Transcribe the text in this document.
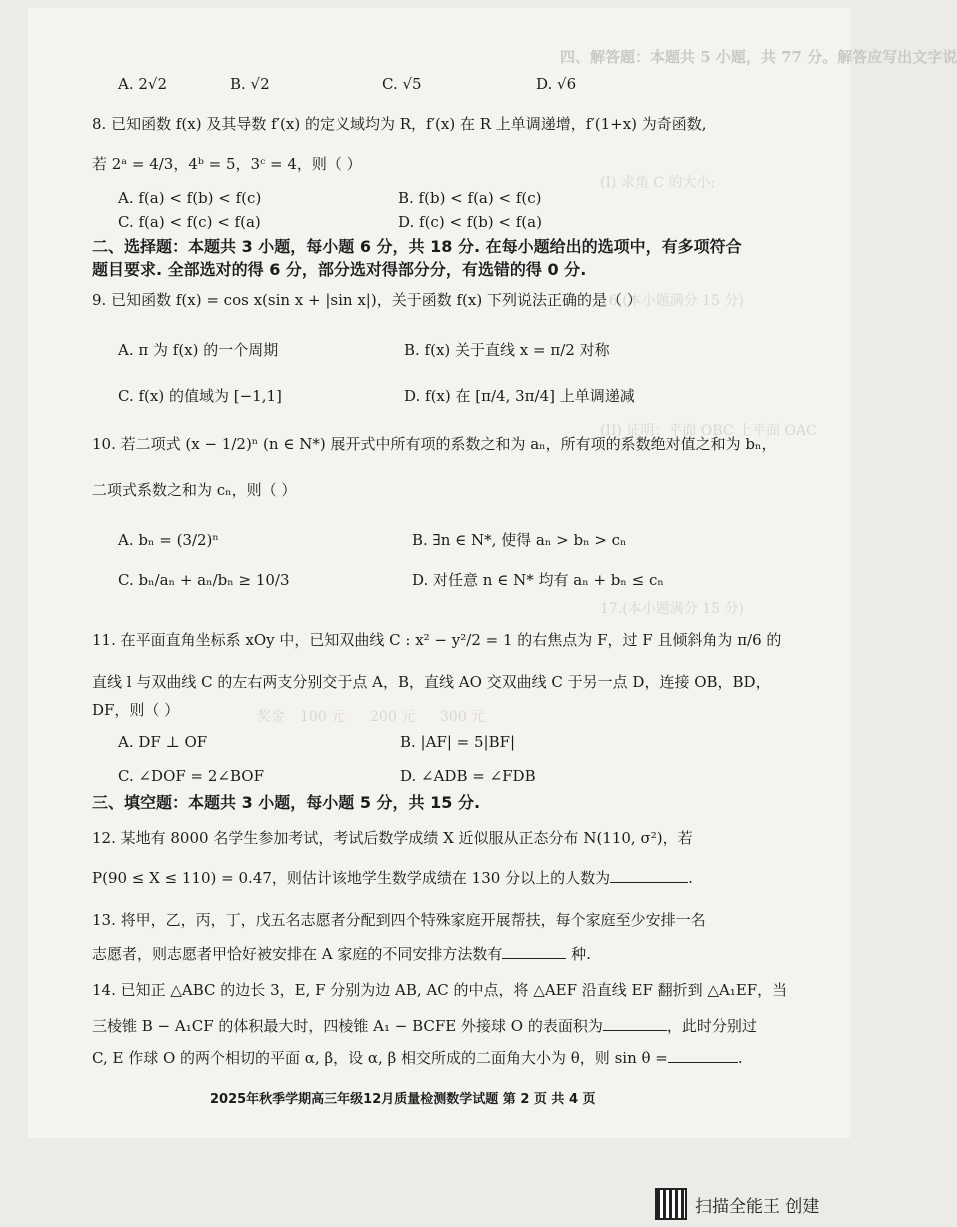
四、解答题：本题共 5 小题，共 77 分。解答应写出文字说
(I) 求角 C 的大小;
16.(本小题满分 15 分)
(II) 证明：平面 OBC 上平面 OAC
17.(本小题满分 15 分)
奖金 100 元 200 元 300 元
A. 2√2	B. √2	C. √5	D. √6
8. 已知函数 f(x) 及其导数 f′(x) 的定义域均为 R，f′(x) 在 R 上单调递增，f′(1+x) 为奇函数,
若 2ᵃ = 4/3，4ᵇ = 5，3ᶜ = 4，则（ ）
A. f(a) < f(b) < f(c)	B. f(b) < f(a) < f(c)
C. f(a) < f(c) < f(a)	D. f(c) < f(b) < f(a)
二、选择题：本题共 3 小题，每小题 6 分，共 18 分. 在每小题给出的选项中，有多项符合
题目要求. 全部选对的得 6 分，部分选对得部分分，有选错的得 0 分.
9. 已知函数 f(x) = cos x(sin x + |sin x|)，关于函数 f(x) 下列说法正确的是（ ）
A. π 为 f(x) 的一个周期	B. f(x) 关于直线 x = π/2 对称
C. f(x) 的值域为 [−1,1]	D. f(x) 在 [π/4, 3π/4] 上单调递减
10. 若二项式 (x − 1/2)ⁿ (n ∈ N*) 展开式中所有项的系数之和为 aₙ，所有项的系数绝对值之和为 bₙ，
二项式系数之和为 cₙ，则（ ）
A. bₙ = (3/2)ⁿ	B. ∃n ∈ N*, 使得 aₙ > bₙ > cₙ
C. bₙ/aₙ + aₙ/bₙ ≥ 10/3	D. 对任意 n ∈ N* 均有 aₙ + bₙ ≤ cₙ
11. 在平面直角坐标系 xOy 中，已知双曲线 C : x² − y²/2 = 1 的右焦点为 F，过 F 且倾斜角为 π/6 的
直线 l 与双曲线 C 的左右两支分别交于点 A，B，直线 AO 交双曲线 C 于另一点 D，连接 OB，BD，
DF，则（ ）
A. DF ⊥ OF	B. |AF| = 5|BF|
C. ∠DOF = 2∠BOF	D. ∠ADB = ∠FDB
三、填空题：本题共 3 小题，每小题 5 分，共 15 分.
12. 某地有 8000 名学生参加考试，考试后数学成绩 X 近似服从正态分布 N(110, σ²)，若
P(90 ≤ X ≤ 110) = 0.47，则估计该地学生数学成绩在 130 分以上的人数为	.
13. 将甲，乙，丙，丁，戊五名志愿者分配到四个特殊家庭开展帮扶，每个家庭至少安排一名
志愿者，则志愿者甲恰好被安排在 A 家庭的不同安排方法数有	种.
14. 已知正 △ABC 的边长 3，E, F 分别为边 AB, AC 的中点，将 △AEF 沿直线 EF 翻折到 △A₁EF，当
三棱锥 B − A₁CF 的体积最大时，四棱锥 A₁ − BCFE 外接球 O 的表面积为	，此时分别过
C, E 作球 O 的两个相切的平面 α, β，设 α, β 相交所成的二面角大小为 θ，则 sin θ =	.
2025年秋季学期高三年级12月质量检测数学试题 第 2 页 共 4 页
扫描全能王 创建
